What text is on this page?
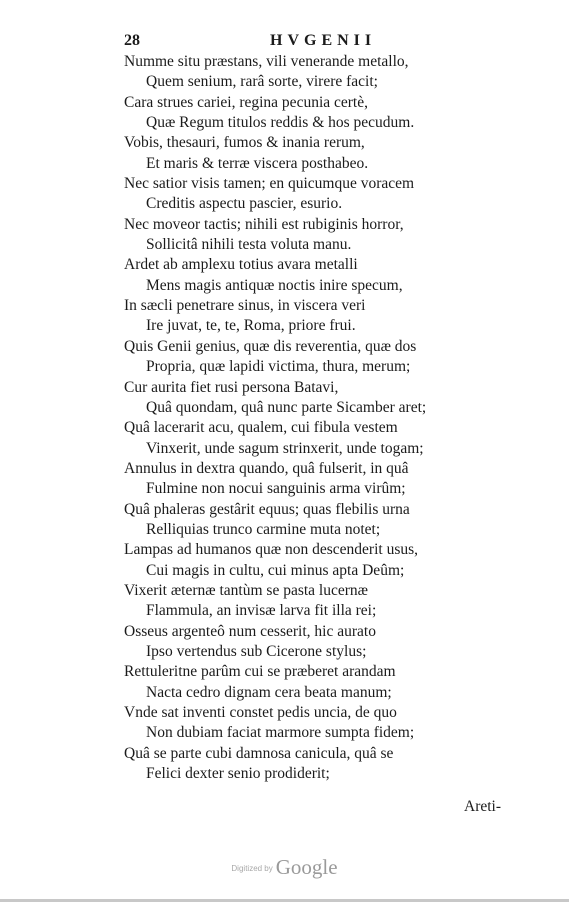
28	HVGENII
Numme situ præstans, vili venerande metallo,
Quem senium, rarâ sorte, virere facit;
Cara strues cariei, regina pecunia certè,
Quæ Regum titulos reddis & hos pecudum.
Vobis, thesauri, fumos & inania rerum,
Et maris & terræ viscera posthabeo.
Nec satior visis tamen; en quicumque voracem
Creditis aspectu pascier, esurio.
Nec moveor tactis; nihili est rubiginis horror,
Sollicitâ nihili testa voluta manu.
Ardet ab amplexu totius avara metalli
Mens magis antiquæ noctis inire specum,
In sæcli penetrare sinus, in viscera veri
Ire juvat, te, te, Roma, priore frui.
Quis Genii genius, quæ dis reverentia, quæ dos
Propria, quæ lapidi victima, thura, merum;
Cur aurita fiet rusi persona Batavi,
Quâ quondam, quâ nunc parte Sicamber aret;
Quâ lacerarit acu, qualem, cui fibula vestem
Vinxerit, unde sagum strinxerit, unde togam;
Annulus in dextra quando, quâ fulserit, in quâ
Fulmine non nocui sanguinis arma virûm;
Quâ phaleras gestârit equus; quas flebilis urna
Relliquias trunco carmine muta notet;
Lampas ad humanos quæ non descenderit usus,
Cui magis in cultu, cui minus apta Deûm;
Vixerit æternæ tantùm se pasta lucernæ
Flammula, an invisæ larva fit illa rei;
Osseus argenteô num cesserit, hic aurato
Ipso vertendus sub Cicerone stylus;
Rettuleritne parûm cui se præberet arandam
Nacta cedro dignam cera beata manum;
Vnde sat inventi constet pedis uncia, de quo
Non dubiam faciat marmore sumpta fidem;
Quâ se parte cubi damnosa canicula, quâ se
Felici dexter senio prodiderit;
Areti-
Digitized by Google
